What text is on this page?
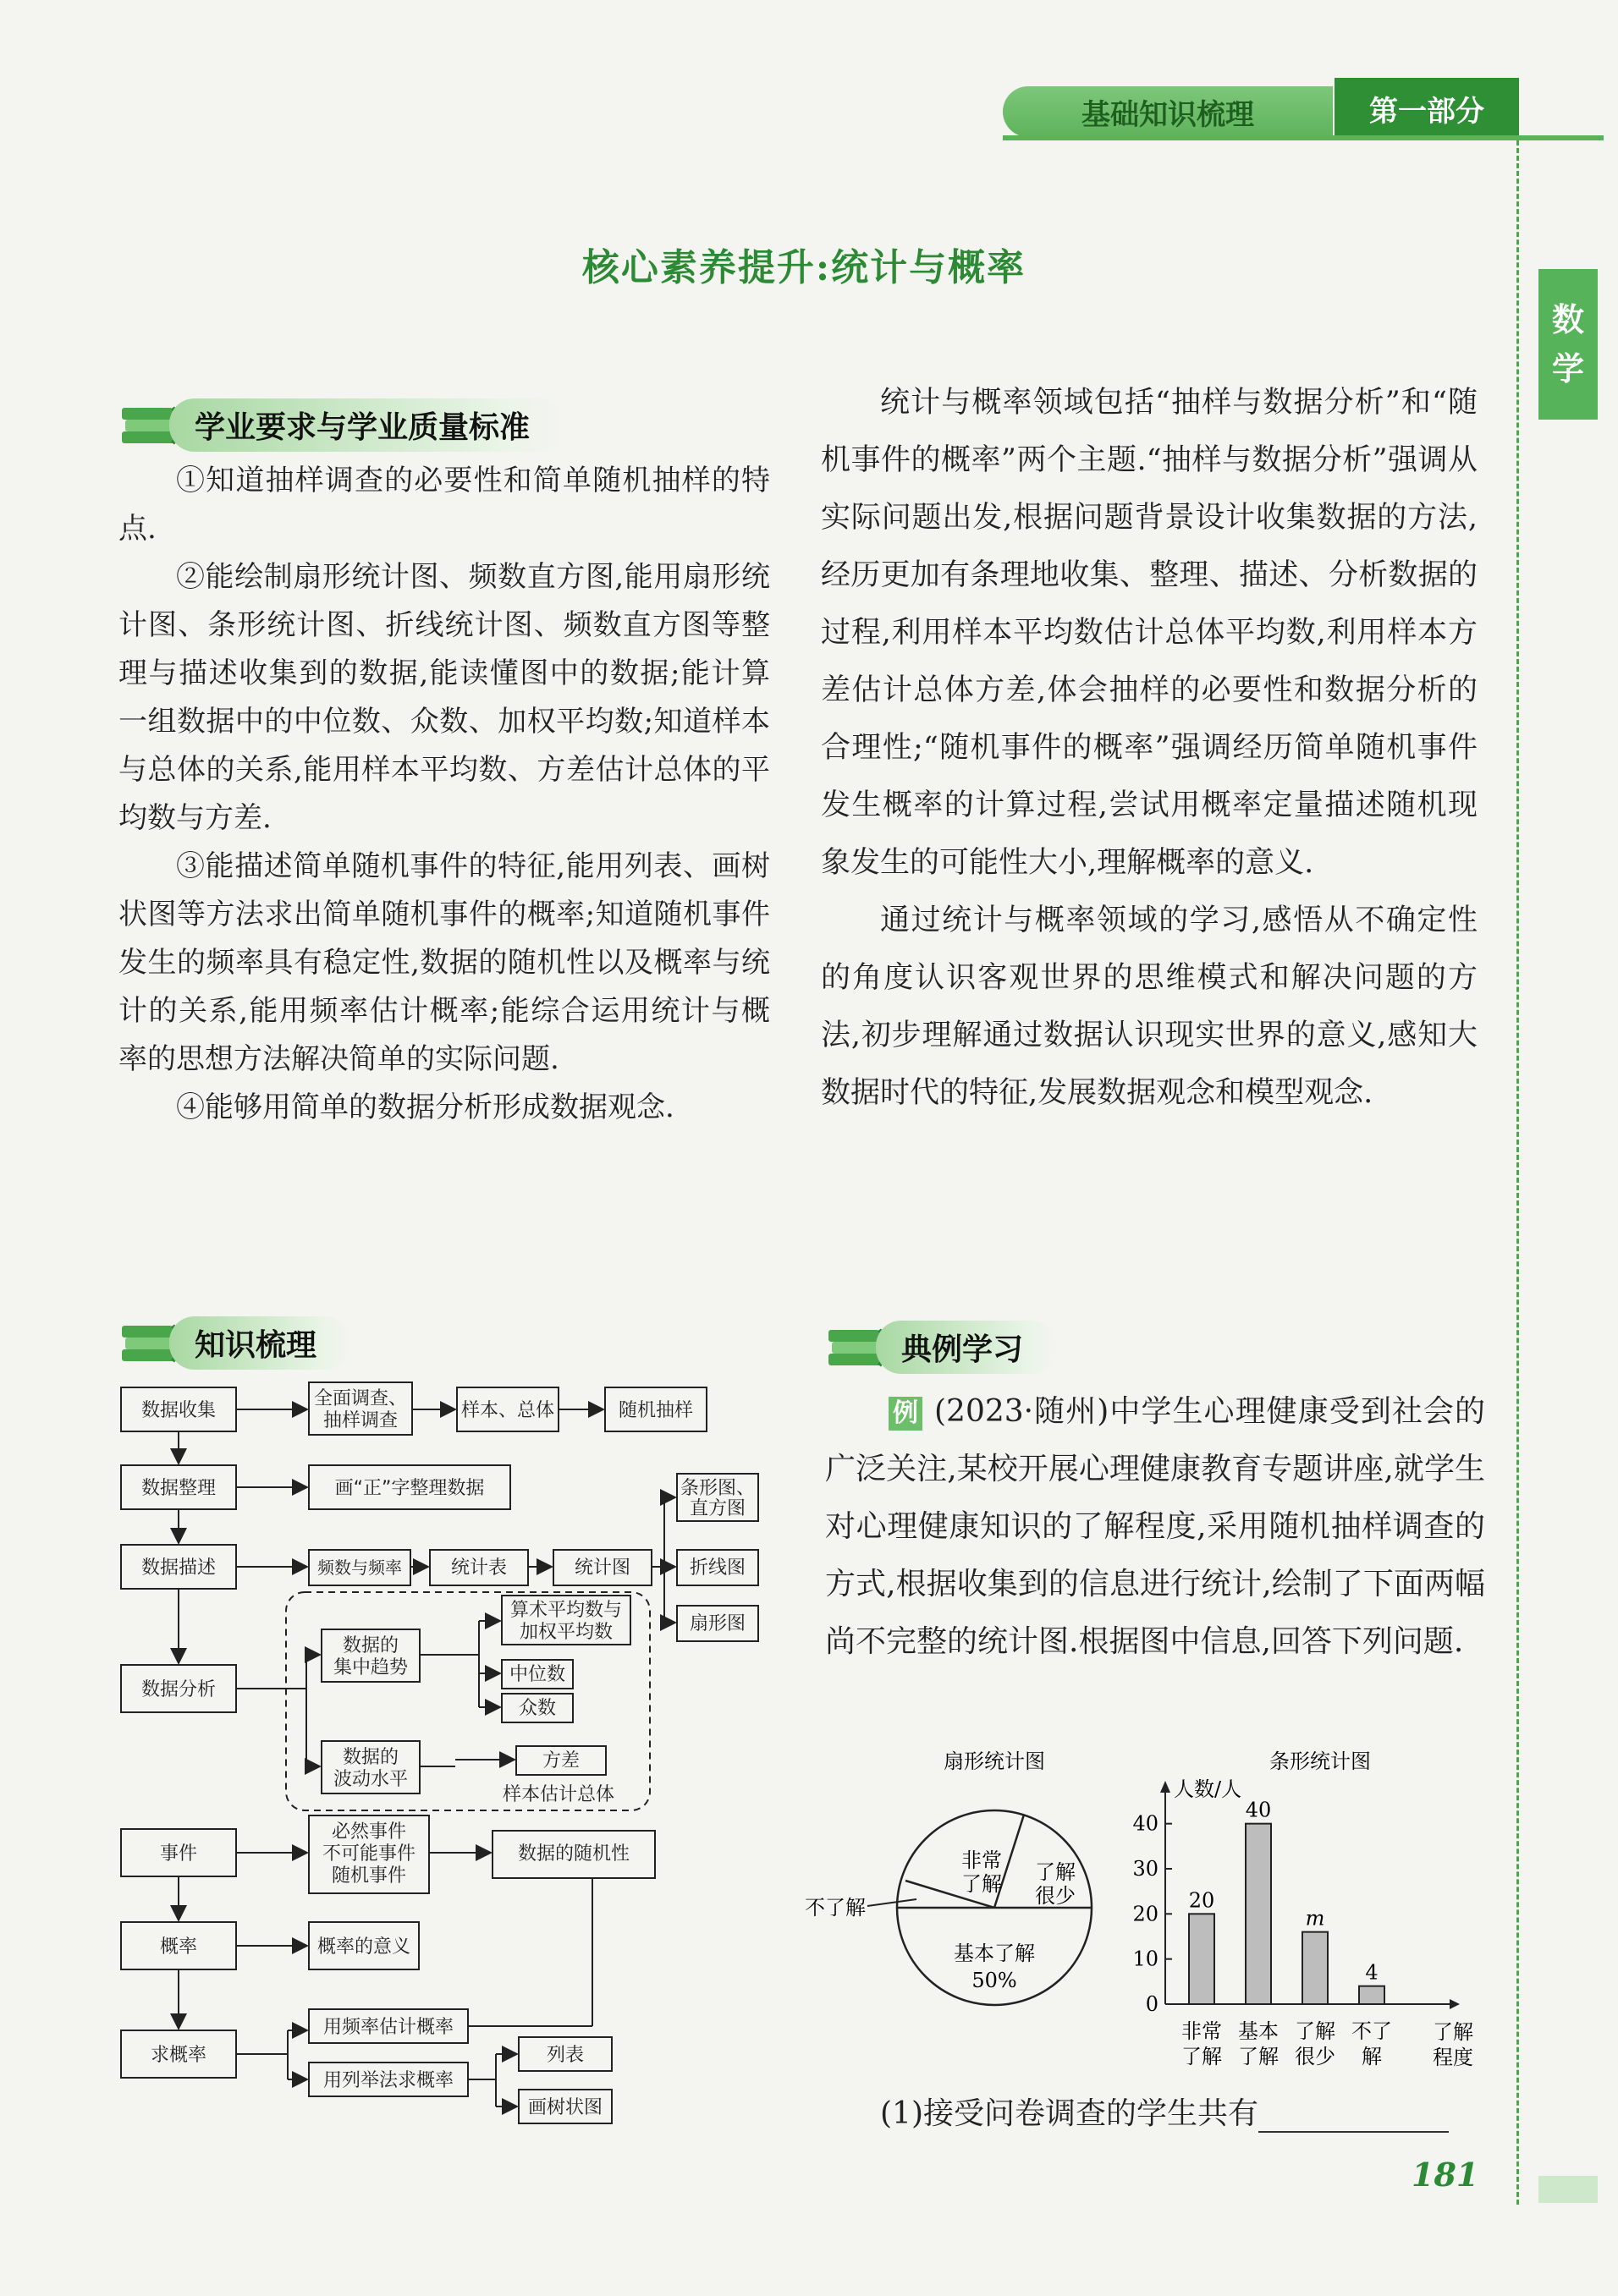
基础知识梳理	第一部分
数
学
核心素养提升:统计与概率
学业要求与学业质量标准

①知道抽样调查的必要性和简单随机抽样的特点.

②能绘制扇形统计图、频数直方图,能用扇形统计图、条形统计图、折线统计图、频数直方图等整理与描述收集到的数据,能读懂图中的数据;能计算一组数据中的中位数、众数、加权平均数;知道样本与总体的关系,能用样本平均数、方差估计总体的平均数与方差.

③能描述简单随机事件的特征,能用列表、画树状图等方法求出简单随机事件的概率;知道随机事件发生的频率具有稳定性,数据的随机性以及概率与统计的关系,能用频率估计概率;能综合运用统计与概率的思想方法解决简单的实际问题.

④能够用简单的数据分析形成数据观念.

统计与概率领域包括“抽样与数据分析”和“随机事件的概率”两个主题.“抽样与数据分析”强调从实际问题出发,根据问题背景设计收集数据的方法,经历更加有条理地收集、整理、描述、分析数据的过程,利用样本平均数估计总体平均数,利用样本方差估计总体方差,体会抽样的必要性和数据分析的合理性;“随机事件的概率”强调经历简单随机事件发生概率的计算过程,尝试用概率定量描述随机现象发生的可能性大小,理解概率的意义.

通过统计与概率领域的学习,感悟从不确定性的角度认识客观世界的思维模式和解决问题的方法,初步理解通过数据认识现实世界的意义,感知大数据时代的特征,发展数据观念和模型观念.

知识梳理
数据收集
数据整理
数据描述
数据分析
事件
概率
求概率
全面调查、
抽样调查	样本、总体	随机抽样
画“正”字整理数据
频数与频率	统计表	统计图
条形图、
直方图
折线图
扇形图
数据的
集中趋势
算术平均数与
加权平均数
中位数
众数
数据的
波动水平
方差
样本估计总体
必然事件
不可能事件
随机事件
数据的随机性
概率的意义
用频率估计概率
用列举法求概率
列表
画树状图
典例学习
例 (2023·随州)中学生心理健康受到社会的广泛关注,某校开展心理健康教育专题讲座,就学生对心理健康知识的了解程度,采用随机抽样调查的方式,根据收集到的信息进行统计,绘制了下面两幅尚不完整的统计图.根据图中信息,回答下列问题.
扇形统计图
非常
了解 了解
很少
不了解
基本了解
50%
条形统计图
人数/人
了解
程度
0
10
20
30
40
20
非常
了解
40
基本
了解
m
了解
很少
4
不了
解
(1)接受问卷调查的学生共有
181
